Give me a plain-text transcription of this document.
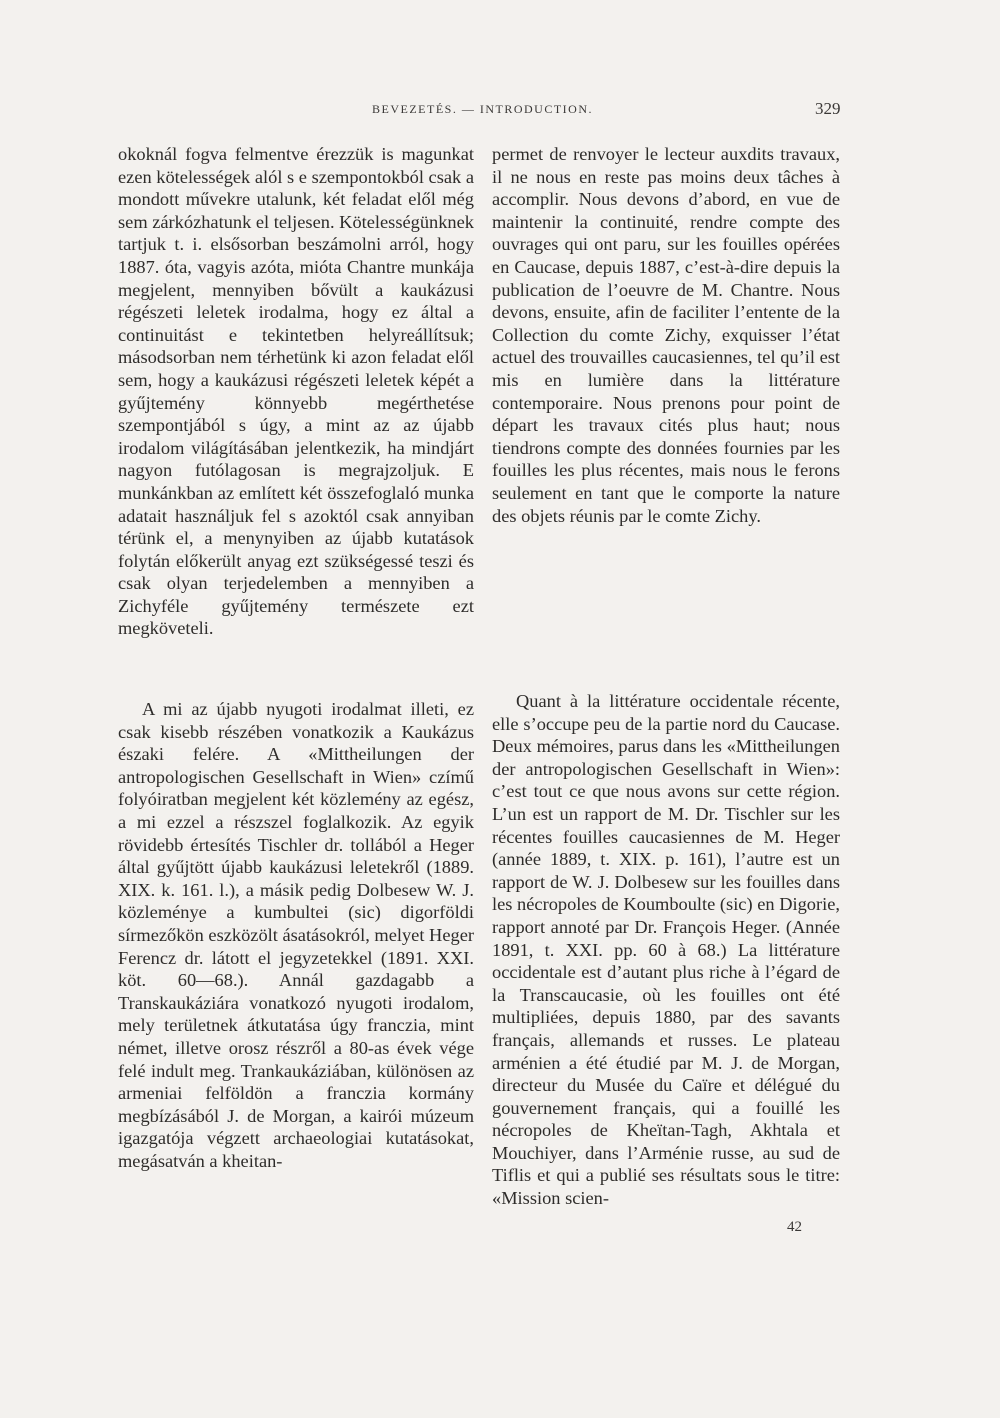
BEVEZETÉS. — INTRODUCTION.	329

okoknál fogva felmentve érezzük is magunkat ezen kötelességek alól s e szempontokból csak a mondott művekre utalunk, két feladat elől még sem zárkózhatunk el teljesen. Kötelességünknek tartjuk t. i. elsősorban beszámolni arról, hogy 1887. óta, vagyis azóta, mióta Chantre munkája megjelent, mennyiben bővült a kaukázusi régészeti leletek irodalma, hogy ez által a continuitást e tekintetben helyreállítsuk; másodsorban nem térhetünk ki azon feladat elől sem, hogy a kaukázusi régészeti leletek képét a gyűjtemény könnyebb megérthetése szempontjából s úgy, a mint az az újabb irodalom világításában jelentkezik, ha mindjárt nagyon futólagosan is megrajzoljuk. E munkánkban az említett két összefoglaló munka adatait használjuk fel s azoktól csak annyiban térünk el, a menynyiben az újabb kutatások folytán előkerült anyag ezt szükségessé teszi és csak olyan terjedelemben a mennyiben a Zichyféle gyűjtemény természete ezt megköveteli.

permet de renvoyer le lecteur auxdits travaux, il ne nous en reste pas moins deux tâches à accomplir. Nous devons d’abord, en vue de maintenir la continuité, rendre compte des ouvrages qui ont paru, sur les fouilles opérées en Caucase, depuis 1887, c’est-à-dire depuis la publication de l’oeuvre de M. Chantre. Nous devons, ensuite, afin de faciliter l’entente de la Collection du comte Zichy, exquisser l’état actuel des trouvailles caucasiennes, tel qu’il est mis en lumière dans la littérature contemporaire. Nous prenons pour point de départ les travaux cités plus haut; nous tiendrons compte des données fournies par les fouilles les plus récentes, mais nous le ferons seulement en tant que le comporte la nature des objets réunis par le comte Zichy.

A mi az újabb nyugoti irodalmat illeti, ez csak kisebb részében vonatkozik a Kaukázus északi felére. A «Mittheilungen der antropologischen Gesellschaft in Wien» czímű folyóiratban megjelent két közlemény az egész, a mi ezzel a részszel foglalkozik. Az egyik rövidebb értesítés Tischler dr. tollából a Heger által gyűjtött újabb kaukázusi leletekről (1889. XIX. k. 161. l.), a másik pedig Dolbesew W. J. közleménye a kumbultei (sic) digorföldi sírmezőkön eszközölt ásatásokról, melyet Heger Ferencz dr. látott el jegyzetekkel (1891. XXI. köt. 60—68.). Annál gazdagabb a Transkaukáziára vonatkozó nyugoti irodalom, mely területnek átkutatása úgy franczia, mint német, illetve orosz részről a 80-as évek vége felé indult meg. Trankaukáziában, különösen az armeniai felföldön a franczia kormány megbízásából J. de Morgan, a kairói múzeum igazgatója végzett archaeologiai kutatásokat, megásatván a kheitan-

Quant à la littérature occidentale récente, elle s’occupe peu de la partie nord du Caucase. Deux mémoires, parus dans les «Mittheilungen der antropologischen Gesellschaft in Wien»: c’est tout ce que nous avons sur cette région. L’un est un rapport de M. Dr. Tischler sur les récentes fouilles caucasiennes de M. Heger (année 1889, t. XIX. p. 161), l’autre est un rapport de W. J. Dolbesew sur les fouilles dans les nécropoles de Koumboulte (sic) en Digorie, rapport annoté par Dr. François Heger. (Année 1891, t. XXI. pp. 60 à 68.) La littérature occidentale est d’autant plus riche à l’égard de la Transcaucasie, où les fouilles ont été multipliées, depuis 1880, par des savants français, allemands et russes. Le plateau arménien a été étudié par M. J. de Morgan, directeur du Musée du Caïre et délégué du gouvernement français, qui a fouillé les nécropoles de Kheïtan-Tagh, Akhtala et Mouchiyer, dans l’Arménie russe, au sud de Tiflis et qui a publié ses résultats sous le titre: «Mission scien-

42
